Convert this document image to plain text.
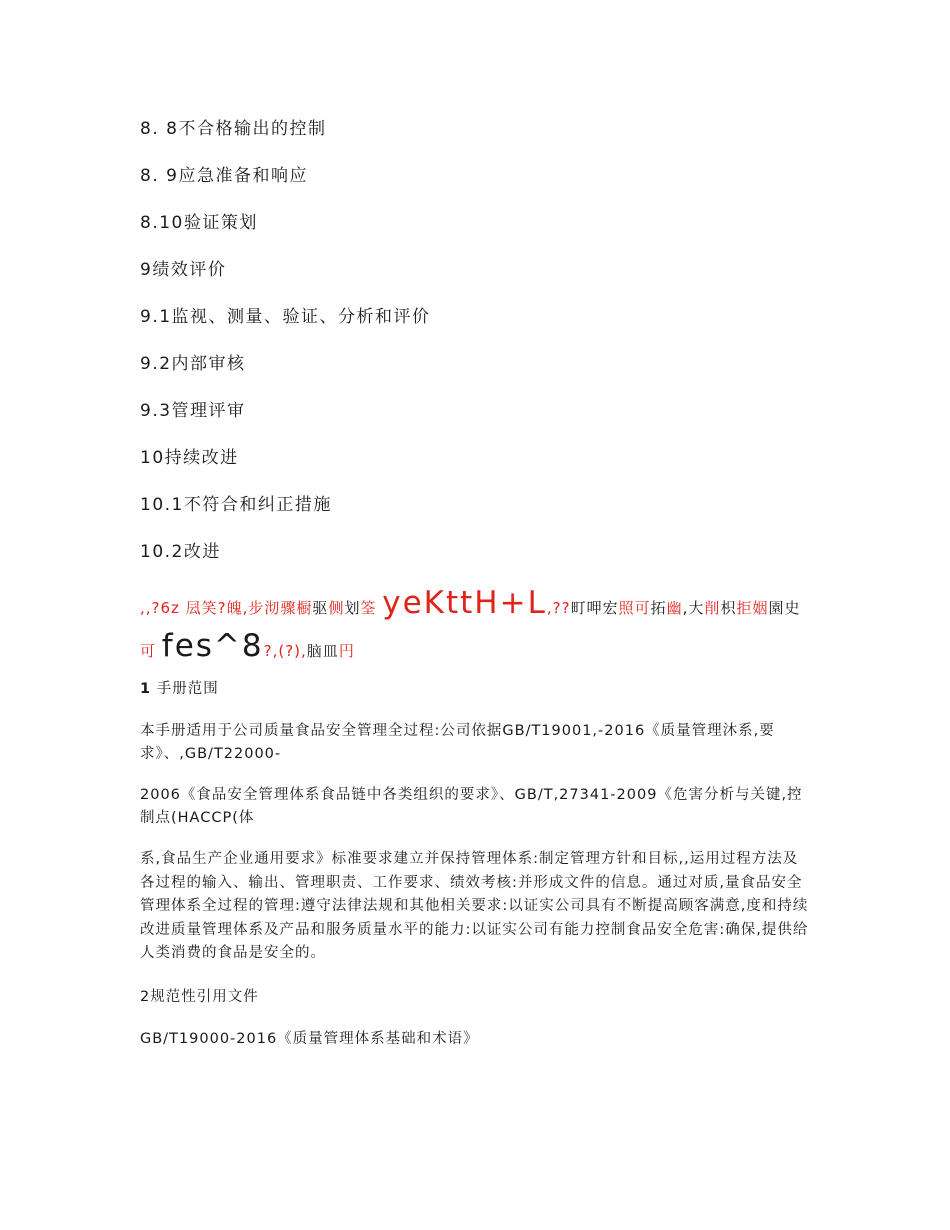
8. 8不合格输出的控制
8. 9应急准备和响应
8.10验证策划
9绩效评价
9.1监视、测量、验证、分析和评价
9.2内部审核
9.3管理评审
10持续改进
10.1不符合和纠正措施
10.2改进
,,?6z 凨笑?魄,步沏骤橱驱侧划筌 yeKttH+L,??町呷宏照可拓幽,大削枳拒姻園史可 fes^8?,(?),脑皿円
1 手册范围
本手册适用于公司质量食品安全管理全过程:公司依据GB/T19001,-2016《质量管理沐系,要求》、,GB/T22000-
2006《食品安全管理体系食品链中各类组织的要求》、GB/T,27341-2009《危害分析与关键,控制点(HACCP(体
系,食品生产企业通用要求》标准要求建立并保持管理体系:制定管理方针和目标,,运用过程方法及各过程的输入、输出、管理职责、工作要求、绩效考核:并形成文件的信息。通过对质,量食品安全管理体系全过程的管理:遵守法律法规和其他相关要求:以证实公司具有不断提高顾客满意,度和持续改进质量管理体系及产品和服务质量水平的能力:以证实公司有能力控制食品安全危害:确保,提供给人类消费的食品是安全的。
2规范性引用文件
GB/T19000-2016《质量管理体系基础和术语》
